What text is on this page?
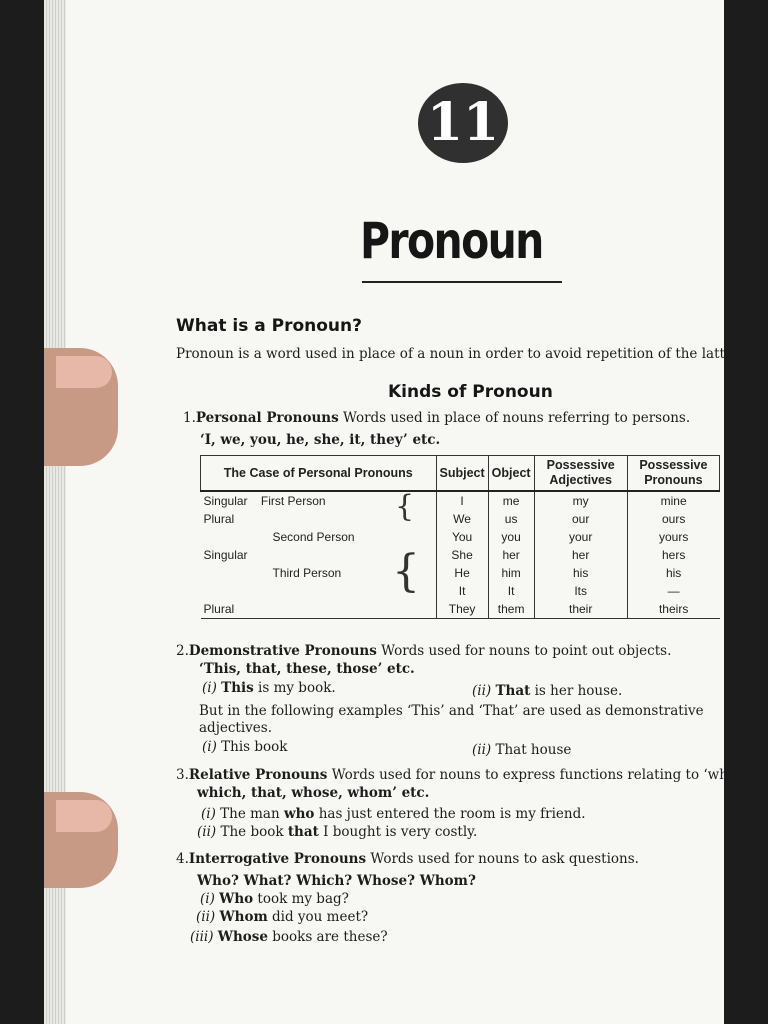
11
Pronoun
What is a Pronoun?
Pronoun is a word used in place of a noun in order to avoid repetition of the latter.
Kinds of Pronoun
1.Personal Pronouns Words used in place of nouns referring to persons.
‘I, we, you, he, she, it, they’ etc.
The Case of Personal Pronouns	Subject	Object	Possessive Adjectives	Possessive Pronouns
Singular First Person	I	me	my	mine
Plural	We	us	our	ours
Second Person	You	you	your	yours
Singular	She	her	her	hers
Third Person	He	him	his	his
	It	It	Its	—
Plural	They	them	their	theirs
{
{
2.Demonstrative Pronouns Words used for nouns to point out objects.
‘This, that, these, those’ etc.
(i) This is my book.	(ii) That is her house.
But in the following examples ‘This’ and ‘That’ are used as demonstrative
adjectives.
(i) This book	(ii) That house
3.Relative Pronouns Words used for nouns to express functions relating to ‘who,
which, that, whose, whom’ etc.
(i) The man who has just entered the room is my friend.
(ii) The book that I bought is very costly.
4.Interrogative Pronouns Words used for nouns to ask questions.
Who? What? Which? Whose? Whom?
(i) Who took my bag?
(ii) Whom did you meet?
(iii) Whose books are these?
